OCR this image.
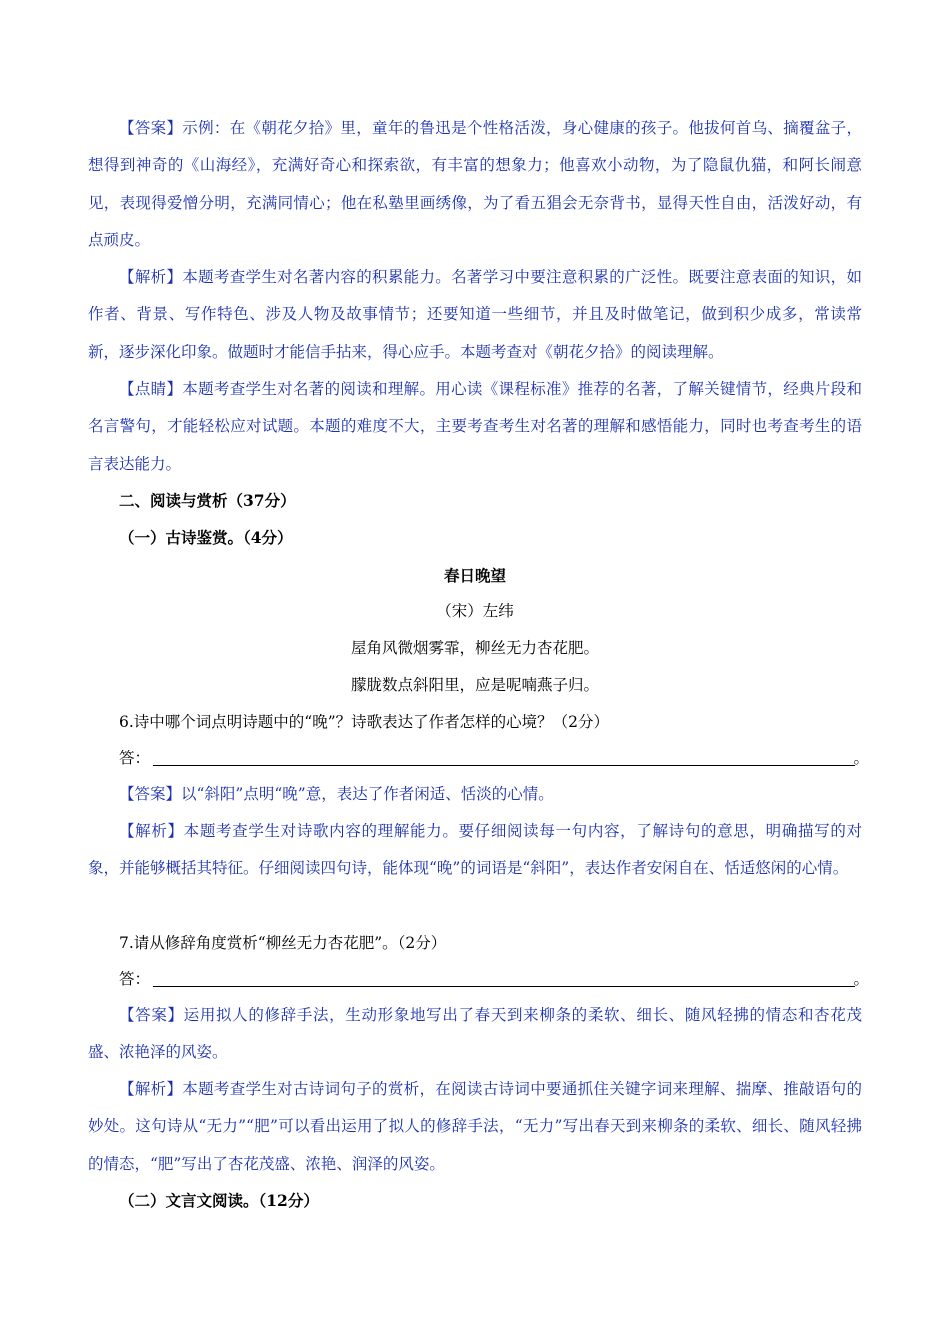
【答案】示例：在《朝花夕拾》里，童年的鲁迅是个性格活泼，身心健康的孩子。他拔何首乌、摘覆盆子，想得到神奇的《山海经》，充满好奇心和探索欲，有丰富的想象力；他喜欢小动物，为了隐鼠仇猫，和阿长闹意见，表现得爱憎分明，充满同情心；他在私塾里画绣像，为了看五猖会无奈背书，显得天性自由，活泼好动，有点顽皮。

【解析】本题考查学生对名著内容的积累能力。名著学习中要注意积累的广泛性。既要注意表面的知识，如作者、背景、写作特色、涉及人物及故事情节；还要知道一些细节，并且及时做笔记，做到积少成多，常读常新，逐步深化印象。做题时才能信手拈来，得心应手。本题考查对《朝花夕拾》的阅读理解。

【点睛】本题考查学生对名著的阅读和理解。用心读《课程标准》推荐的名著，了解关键情节，经典片段和名言警句，才能轻松应对试题。本题的难度不大，主要考查考生对名著的理解和感悟能力，同时也考查考生的语言表达能力。

二、阅读与赏析（37分）

（一）古诗鉴赏。（4分）

春日晚望

（宋）左纬

屋角风微烟雾霏，柳丝无力杏花肥。

朦胧数点斜阳里，应是呢喃燕子归。

6.诗中哪个词点明诗题中的“晚”？诗歌表达了作者怎样的心境？（2分）

答：	。

【答案】以“斜阳”点明“晚”意，表达了作者闲适、恬淡的心情。

【解析】本题考查学生对诗歌内容的理解能力。要仔细阅读每一句内容，了解诗句的意思，明确描写的对象，并能够概括其特征。仔细阅读四句诗，能体现“晚”的词语是“斜阳”，表达作者安闲自在、恬适悠闲的心情。

7.请从修辞角度赏析“柳丝无力杏花肥”。（2分）

答：	。

【答案】运用拟人的修辞手法，生动形象地写出了春天到来柳条的柔软、细长、随风轻拂的情态和杏花茂盛、浓艳泽的风姿。

【解析】本题考查学生对古诗词句子的赏析，在阅读古诗词中要通抓住关键字词来理解、揣摩、推敲语句的妙处。这句诗从“无力”“肥”可以看出运用了拟人的修辞手法，“无力”写出春天到来柳条的柔软、细长、随风轻拂的情态，“肥”写出了杏花茂盛、浓艳、润泽的风姿。

（二）文言文阅读。（12分）
